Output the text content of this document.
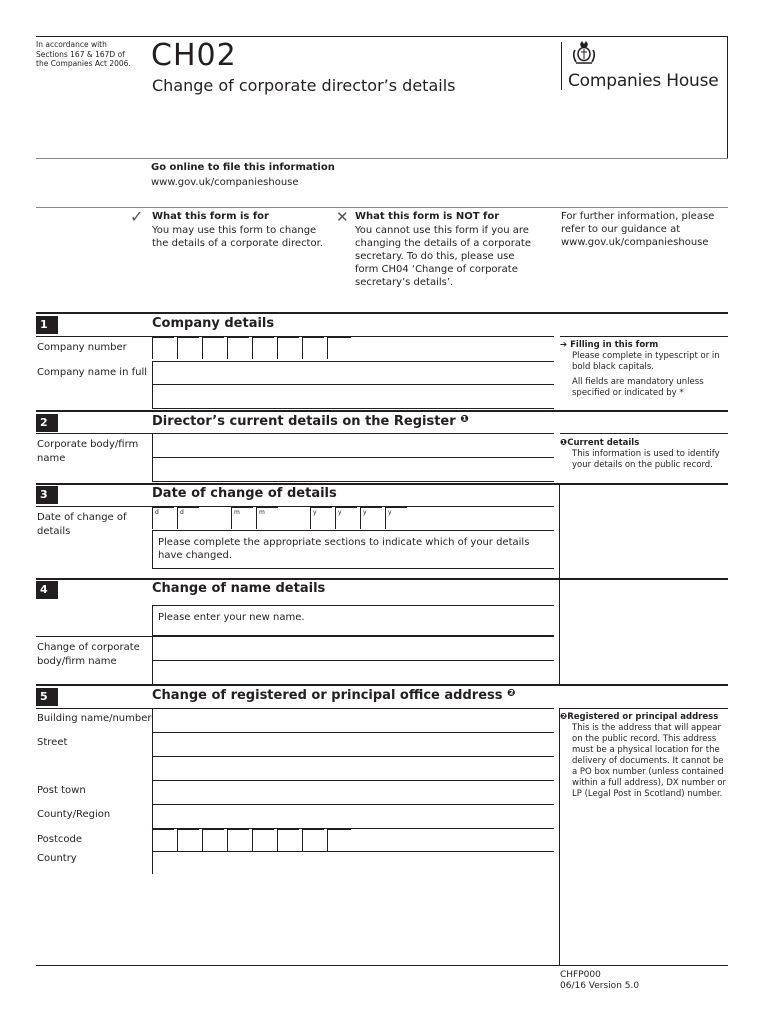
In accordance with Sections 167 & 167D of the Companies Act 2006. CH02
Change of corporate director’s details	Companies House
Go online to file this information
www.gov.uk/companieshouse
✓ What this form is for
You may use this form to change the details of a corporate director.
✕ What this form is NOT for
You cannot use this form if you are changing the details of a corporate secretary. To do this, please use form CH04 ‘Change of corporate secretary’s details’.
For further information, please refer to our guidance at www.gov.uk/companieshouse
1	Company details
Company number
Company name in full
➔ Filling in this form
Please complete in typescript or in bold black capitals.
All fields are mandatory unless specified or indicated by *
2	Director’s current details on the Register $^❶$
Corporate body/firm name
❶Current details
This information is used to identify your details on the public record.
3	Date of change of details
Date of change of details
d	d	m	m	y	y	y	y
Please complete the appropriate sections to indicate which of your details have changed.
4	Change of name details
Please enter your new name.
Change of corporate body/firm name
5	Change of registered or principal office address $^❷$
Building name/number
Street
Post town
County/Region
Postcode
Country
❷Registered or principal address
This is the address that will appear on the public record. This address must be a physical location for the delivery of documents. It cannot be a PO box number (unless contained within a full address), DX number or LP (Legal Post in Scotland) number.
CHFP000
06/16 Version 5.0
